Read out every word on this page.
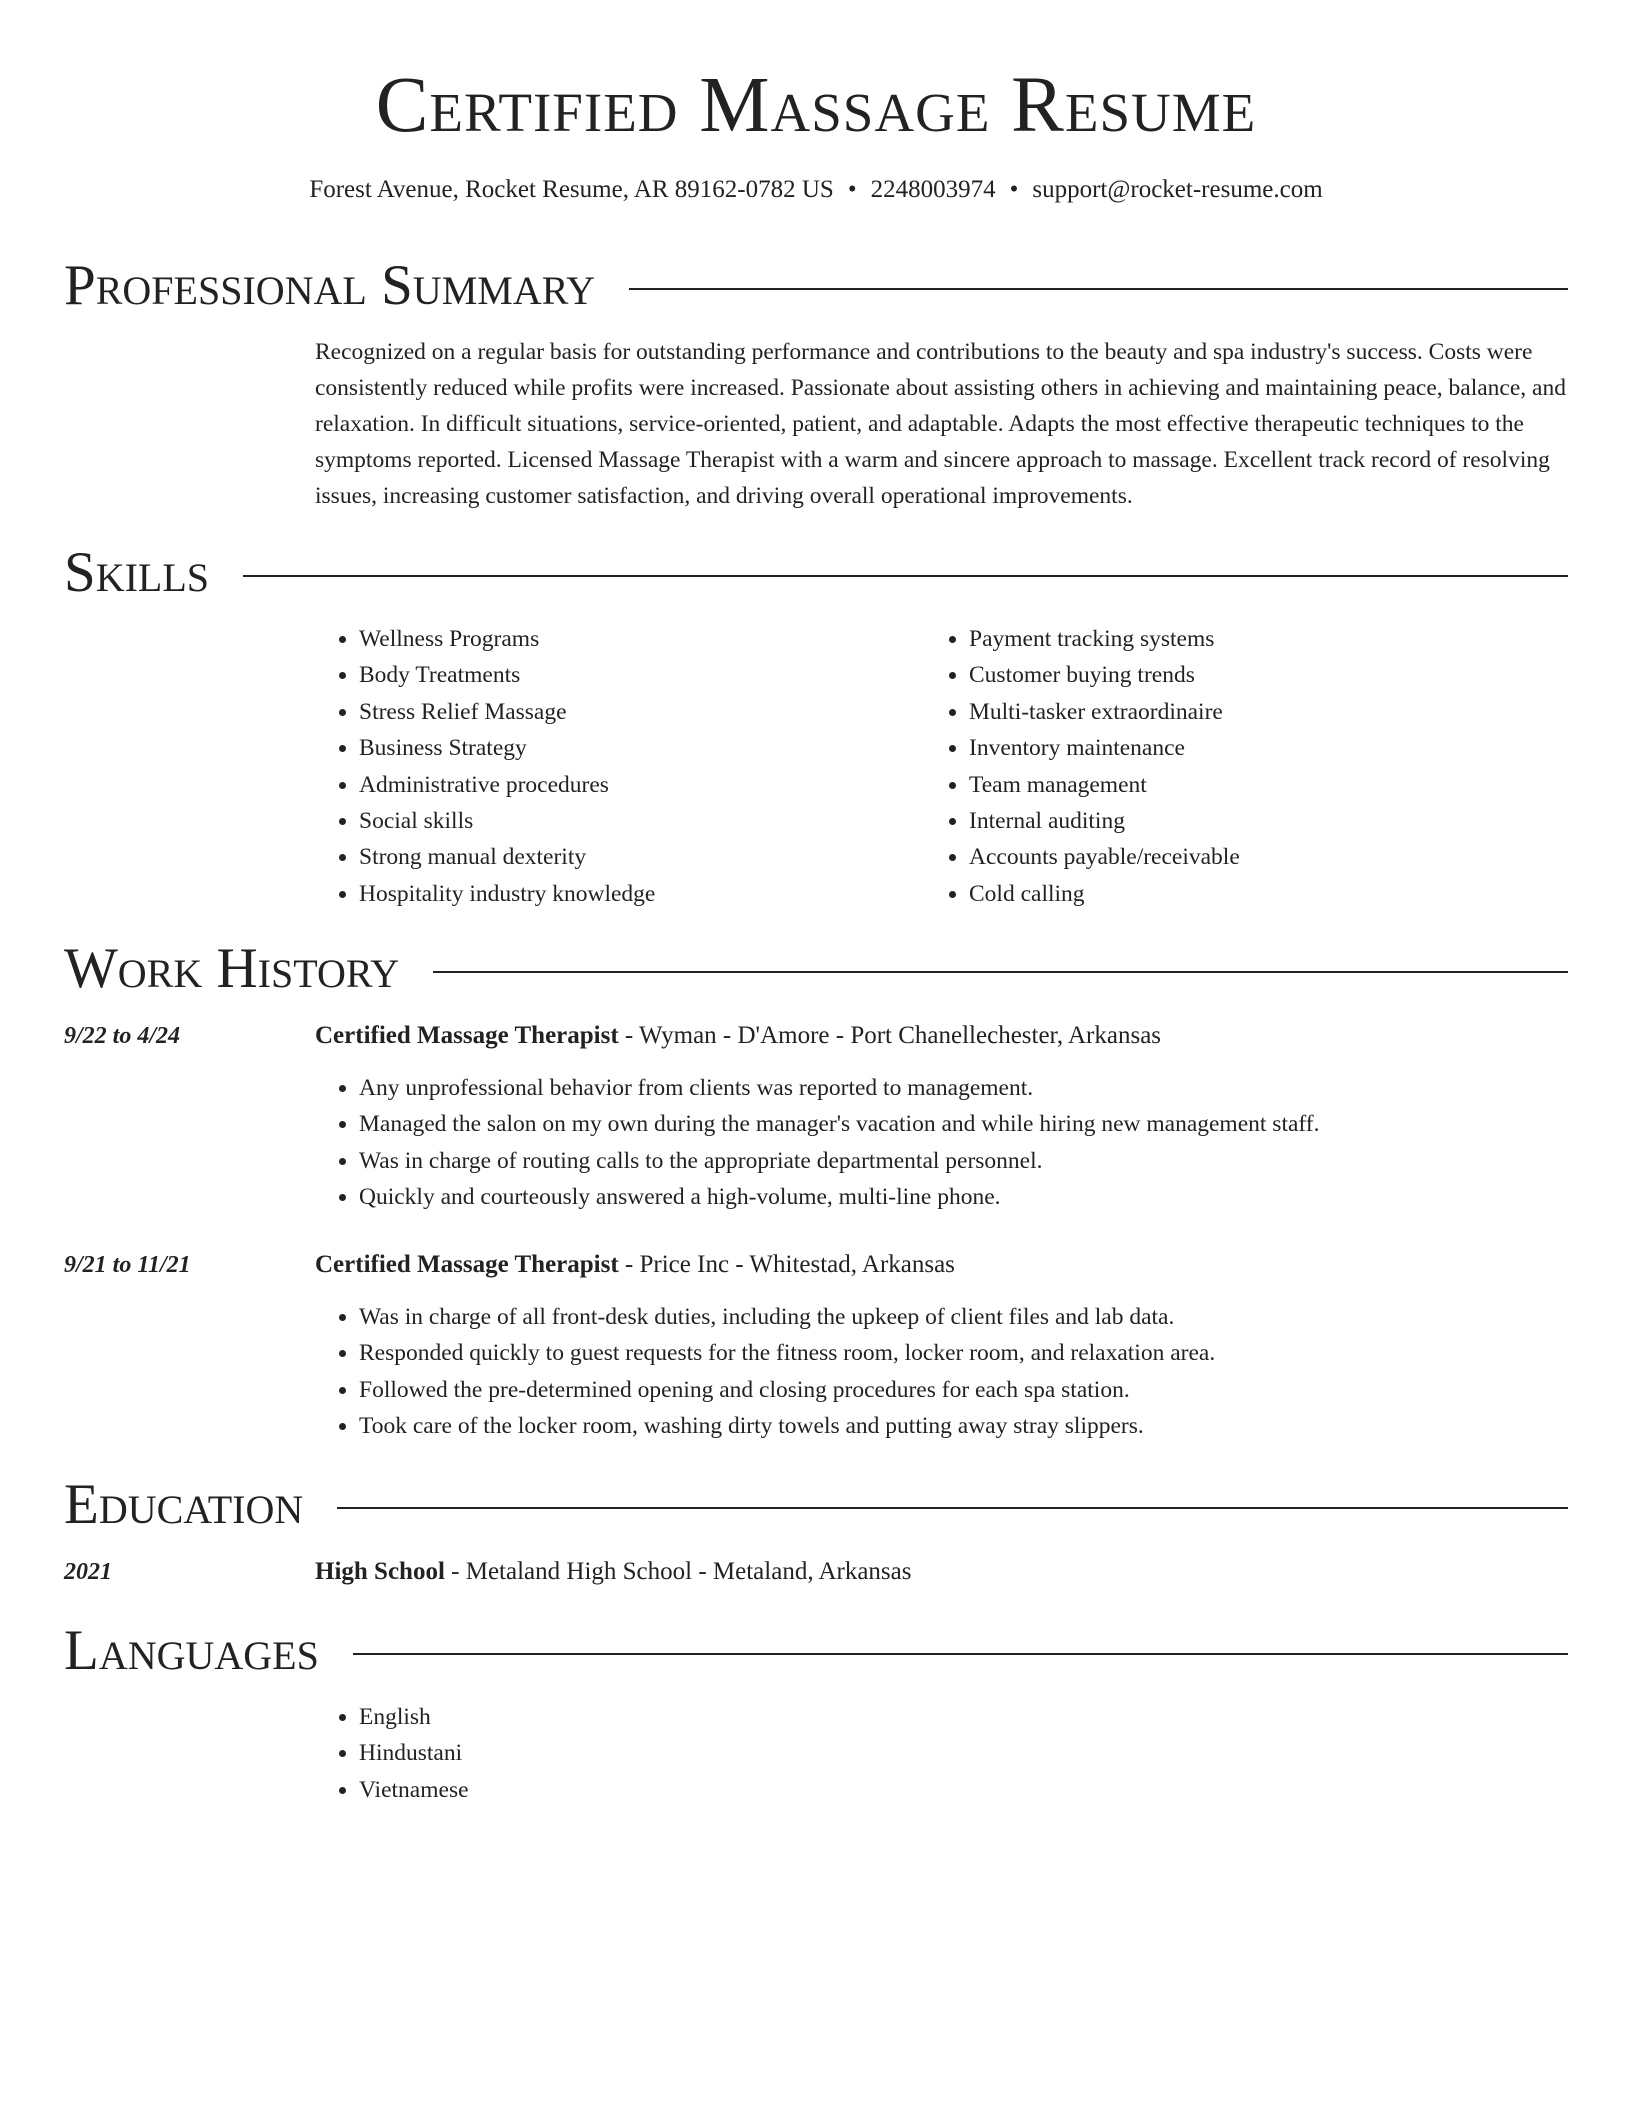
Certified Massage Resume
Forest Avenue, Rocket Resume, AR 89162-0782 US • 2248003974 • support@rocket-resume.com
Professional Summary
Recognized on a regular basis for outstanding performance and contributions to the beauty and spa industry's success. Costs were consistently reduced while profits were increased. Passionate about assisting others in achieving and maintaining peace, balance, and relaxation. In difficult situations, service-oriented, patient, and adaptable. Adapts the most effective therapeutic techniques to the symptoms reported. Licensed Massage Therapist with a warm and sincere approach to massage. Excellent track record of resolving issues, increasing customer satisfaction, and driving overall operational improvements.
Skills
• Wellness Programs
• Body Treatments
• Stress Relief Massage
• Business Strategy
• Administrative procedures
• Social skills
• Strong manual dexterity
• Hospitality industry knowledge
• Payment tracking systems
• Customer buying trends
• Multi-tasker extraordinaire
• Inventory maintenance
• Team management
• Internal auditing
• Accounts payable/receivable
• Cold calling
Work History
9/22 to 4/24	Certified Massage Therapist - Wyman - D'Amore - Port Chanellechester, Arkansas
• Any unprofessional behavior from clients was reported to management.
• Managed the salon on my own during the manager's vacation and while hiring new management staff.
• Was in charge of routing calls to the appropriate departmental personnel.
• Quickly and courteously answered a high-volume, multi-line phone.
9/21 to 11/21	Certified Massage Therapist - Price Inc - Whitestad, Arkansas
• Was in charge of all front-desk duties, including the upkeep of client files and lab data.
• Responded quickly to guest requests for the fitness room, locker room, and relaxation area.
• Followed the pre-determined opening and closing procedures for each spa station.
• Took care of the locker room, washing dirty towels and putting away stray slippers.
Education
2021	High School - Metaland High School - Metaland, Arkansas
Languages
• English
• Hindustani
• Vietnamese
